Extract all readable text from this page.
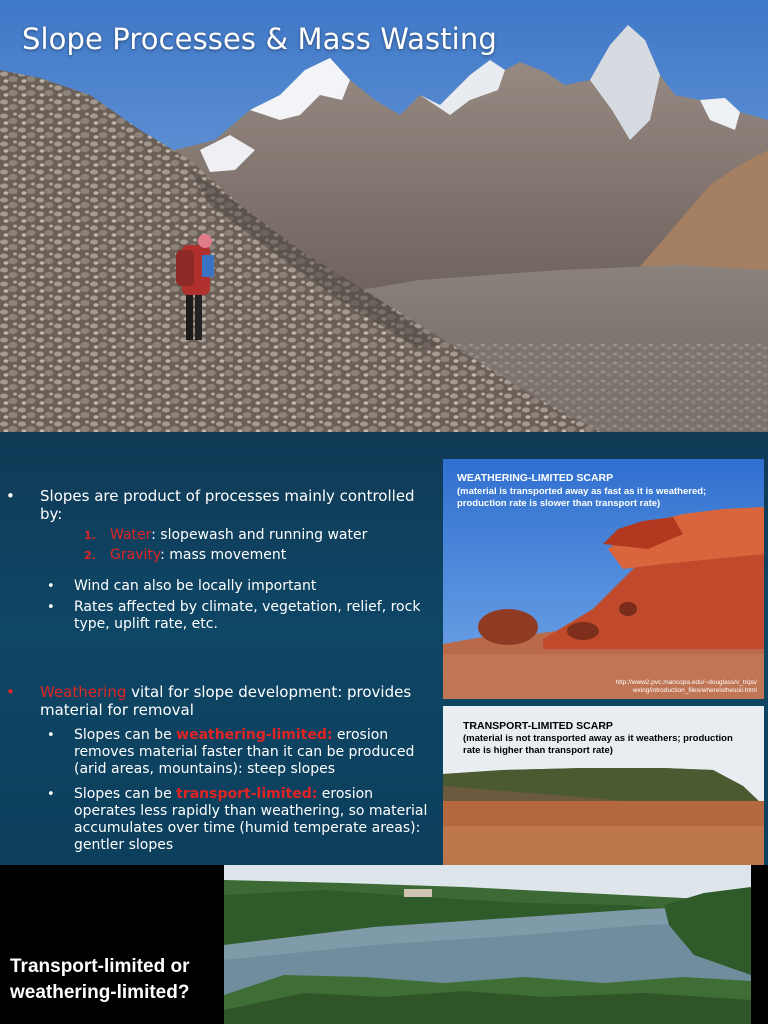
Slope Processes & Mass Wasting
• Slopes are product of processes mainly controlled by:
1. Water: slopewash and running water
2. Gravity: mass movement
• Wind can also be locally important
• Rates affected by climate, vegetation, relief, rock type, uplift rate, etc.
• Weathering vital for slope development: provides material for removal
• Slopes can be weathering-limited: erosion removes material faster than it can be produced (arid areas, mountains): steep slopes
• Slopes can be transport-limited: erosion operates less rapidly than weathering, so material accumulates over time (humid temperate areas): gentler slopes
WEATHERING-LIMITED SCARP
(material is transported away as fast as it is weathered; production rate is slower than transport rate)
http://www2.pvc.maricopa.edu/~douglass/v_trips/ wxing/introduction_files/whereisthesoil.html
TRANSPORT-LIMITED SCARP
(material is not transported away as it weathers; production rate is higher than transport rate)
Transport-limited or weathering-limited?
